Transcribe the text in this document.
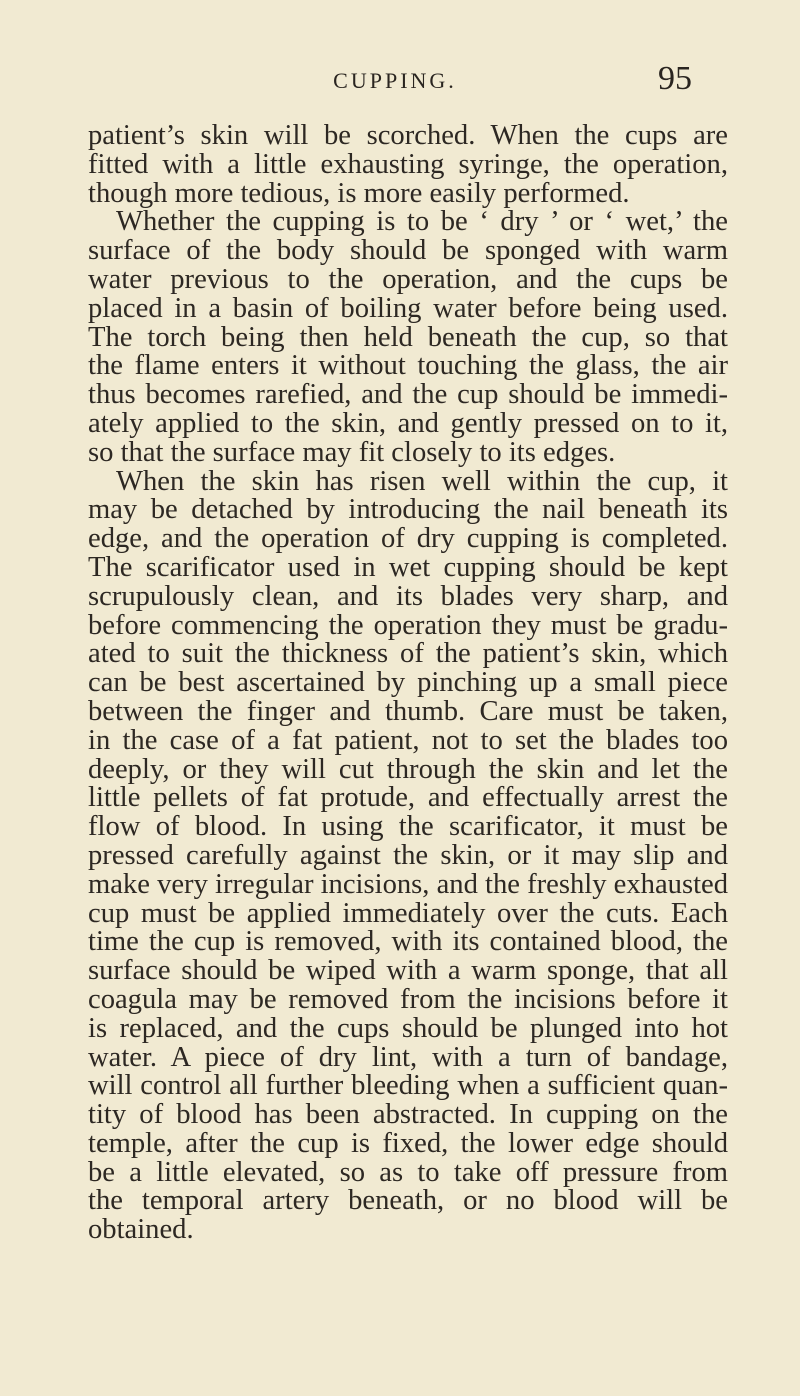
CUPPING.	95
patient’s skin will be scorched. When the cups are
fitted with a little exhausting syringe, the operation,
though more tedious, is more easily performed.
Whether the cupping is to be ‘ dry ’ or ‘ wet,’ the
surface of the body should be sponged with warm
water previous to the operation, and the cups be
placed in a basin of boiling water before being used.
The torch being then held beneath the cup, so that
the flame enters it without touching the glass, the air
thus becomes rarefied, and the cup should be immedi-
ately applied to the skin, and gently pressed on to it,
so that the surface may fit closely to its edges.
When the skin has risen well within the cup, it
may be detached by introducing the nail beneath its
edge, and the operation of dry cupping is completed.
The scarificator used in wet cupping should be kept
scrupulously clean, and its blades very sharp, and
before commencing the operation they must be gradu-
ated to suit the thickness of the patient’s skin, which
can be best ascertained by pinching up a small piece
between the finger and thumb. Care must be taken,
in the case of a fat patient, not to set the blades too
deeply, or they will cut through the skin and let the
little pellets of fat protude, and effectually arrest the
flow of blood. In using the scarificator, it must be
pressed carefully against the skin, or it may slip and
make very irregular incisions, and the freshly exhausted
cup must be applied immediately over the cuts. Each
time the cup is removed, with its contained blood, the
surface should be wiped with a warm sponge, that all
coagula may be removed from the incisions before it
is replaced, and the cups should be plunged into hot
water. A piece of dry lint, with a turn of bandage,
will control all further bleeding when a sufficient quan-
tity of blood has been abstracted. In cupping on the
temple, after the cup is fixed, the lower edge should
be a little elevated, so as to take off pressure from
the temporal artery beneath, or no blood will be
obtained.
